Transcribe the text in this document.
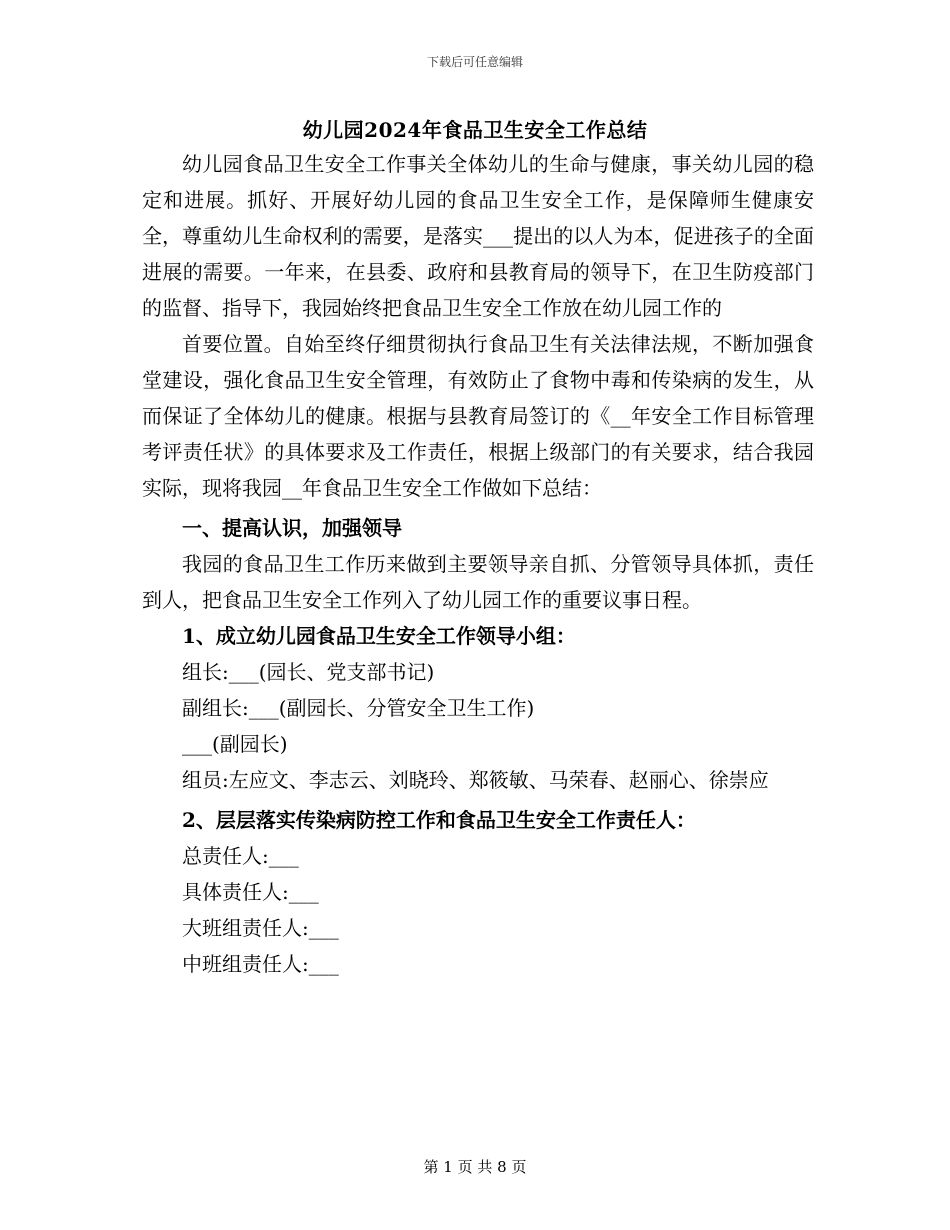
下载后可任意编辑
幼儿园2024年食品卫生安全工作总结

幼儿园食品卫生安全工作事关全体幼儿的生命与健康，事关幼儿园的稳定和进展。抓好、开展好幼儿园的食品卫生安全工作，是保障师生健康安全，尊重幼儿生命权利的需要，是落实___提出的以人为本，促进孩子的全面进展的需要。一年来，在县委、政府和县教育局的领导下，在卫生防疫部门的监督、指导下，我园始终把食品卫生安全工作放在幼儿园工作的

首要位置。自始至终仔细贯彻执行食品卫生有关法律法规，不断加强食堂建设，强化食品卫生安全管理，有效防止了食物中毒和传染病的发生，从而保证了全体幼儿的健康。根据与县教育局签订的《__年安全工作目标管理考评责任状》的具体要求及工作责任，根据上级部门的有关要求，结合我园实际，现将我园__年食品卫生安全工作做如下总结：

一、提高认识，加强领导

我园的食品卫生工作历来做到主要领导亲自抓、分管领导具体抓，责任到人，把食品卫生安全工作列入了幼儿园工作的重要议事日程。

1、成立幼儿园食品卫生安全工作领导小组：

组长:___(园长、党支部书记)

副组长:___(副园长、分管安全卫生工作)

___(副园长)

组员:左应文、李志云、刘晓玲、郑筱敏、马荣春、赵丽心、徐崇应

2、层层落实传染病防控工作和食品卫生安全工作责任人：

总责任人:___

具体责任人:___

大班组责任人:___

中班组责任人:___

第 1 页 共 8 页
